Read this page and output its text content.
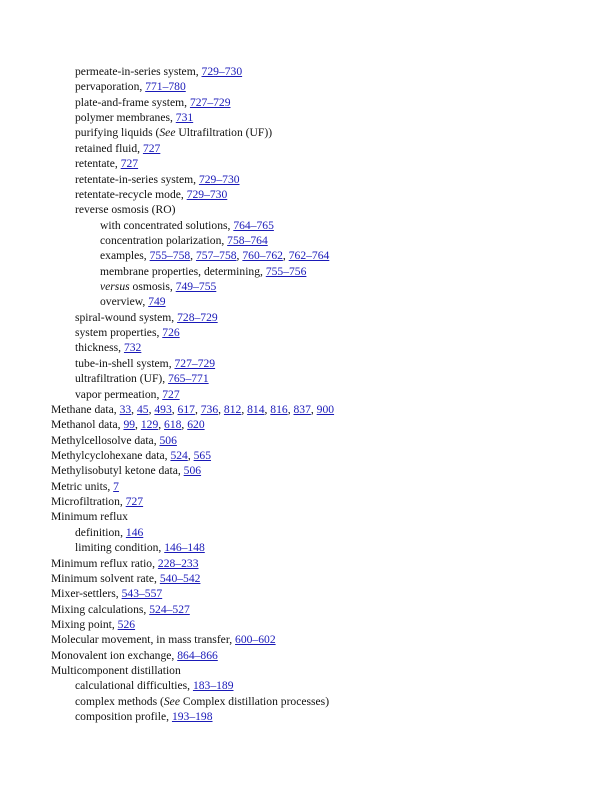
permeate-in-series system, 729–730
pervaporation, 771–780
plate-and-frame system, 727–729
polymer membranes, 731
purifying liquids (See Ultrafiltration (UF))
retained fluid, 727
retentate, 727
retentate-in-series system, 729–730
retentate-recycle mode, 729–730
reverse osmosis (RO)
with concentrated solutions, 764–765
concentration polarization, 758–764
examples, 755–758, 757–758, 760–762, 762–764
membrane properties, determining, 755–756
versus osmosis, 749–755
overview, 749
spiral-wound system, 728–729
system properties, 726
thickness, 732
tube-in-shell system, 727–729
ultrafiltration (UF), 765–771
vapor permeation, 727
Methane data, 33, 45, 493, 617, 736, 812, 814, 816, 837, 900
Methanol data, 99, 129, 618, 620
Methylcellosolve data, 506
Methylcyclohexane data, 524, 565
Methylisobutyl ketone data, 506
Metric units, 7
Microfiltration, 727
Minimum reflux
definition, 146
limiting condition, 146–148
Minimum reflux ratio, 228–233
Minimum solvent rate, 540–542
Mixer-settlers, 543–557
Mixing calculations, 524–527
Mixing point, 526
Molecular movement, in mass transfer, 600–602
Monovalent ion exchange, 864–866
Multicomponent distillation
calculational difficulties, 183–189
complex methods (See Complex distillation processes)
composition profile, 193–198
